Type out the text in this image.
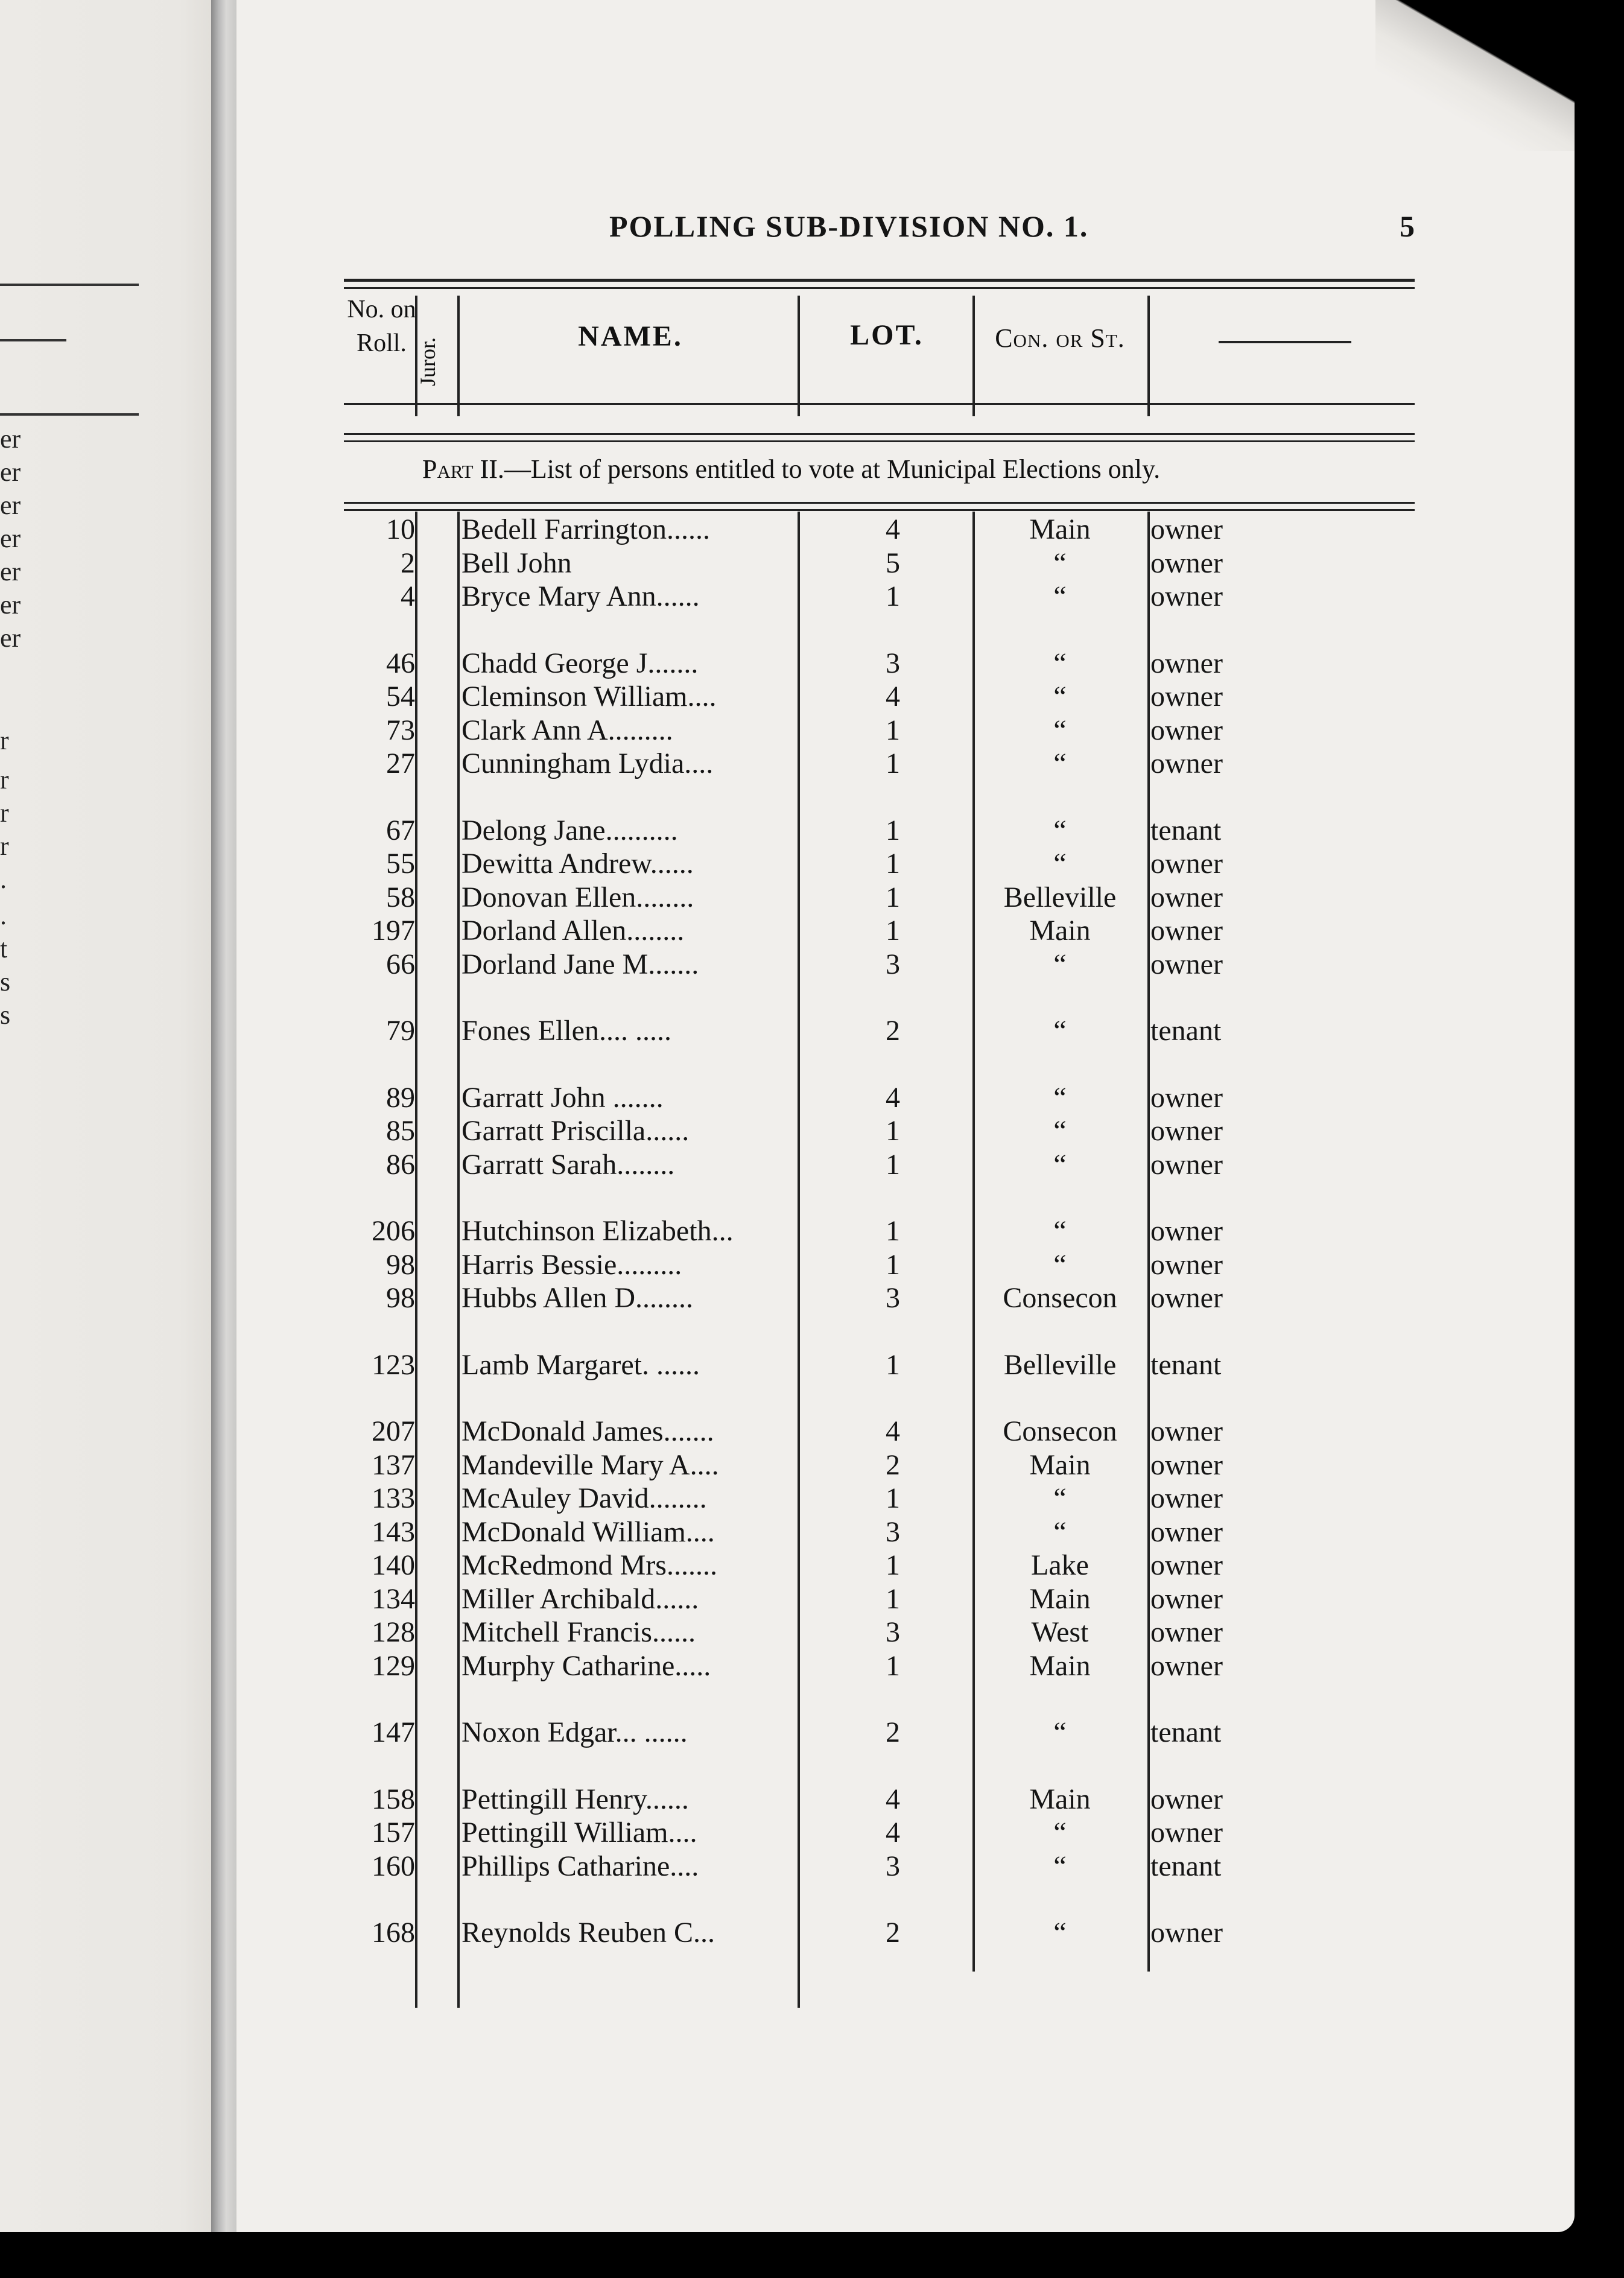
er
er
er
er
er
er
er
r
r
r
r
.
.
t
s
s
POLLING SUB-DIVISION NO. 1.	5
No. on Roll. Juror.
NAME.	LOT.	Con. or St.
Part II.—List of persons entitled to vote at Municipal Elections only.
10 Bedell Farrington......	4	Main	owner
2 Bell John	5	“	owner
4 Bryce Mary Ann......	1	“	owner
46 Chadd George J.......	3	“	owner
54 Cleminson William....	4	“	owner
73 Clark Ann A.........	1	“	owner
27 Cunningham Lydia....	1	“	owner
67 Delong Jane..........	1	“	tenant
55 Dewitta Andrew......	1	“	owner
58 Donovan Ellen........	1	Belleville	owner
197 Dorland Allen........	1	Main	owner
66 Dorland Jane M.......	3	“	owner
79 Fones Ellen.... .....	2	“	tenant
89 Garratt John .......	4	“	owner
85 Garratt Priscilla......	1	“	owner
86 Garratt Sarah........	1	“	owner
206 Hutchinson Elizabeth...	1	“	owner
98 Harris Bessie.........	1	“	owner
98 Hubbs Allen D........	3	Consecon	owner
123 Lamb Margaret. ......	1	Belleville	tenant
207 McDonald James.......	4	Consecon	owner
137 Mandeville Mary A....	2	Main	owner
133 McAuley David........	1	“	owner
143 McDonald William....	3	“	owner
140 McRedmond Mrs.......	1	Lake	owner
134 Miller Archibald......	1	Main	owner
128 Mitchell Francis......	3	West	owner
129 Murphy Catharine.....	1	Main	owner
147 Noxon Edgar... ......	2	“	tenant
158 Pettingill Henry......	4	Main	owner
157 Pettingill William....	4	“	owner
160 Phillips Catharine....	3	“	tenant
168 Reynolds Reuben C...	2	“	owner
